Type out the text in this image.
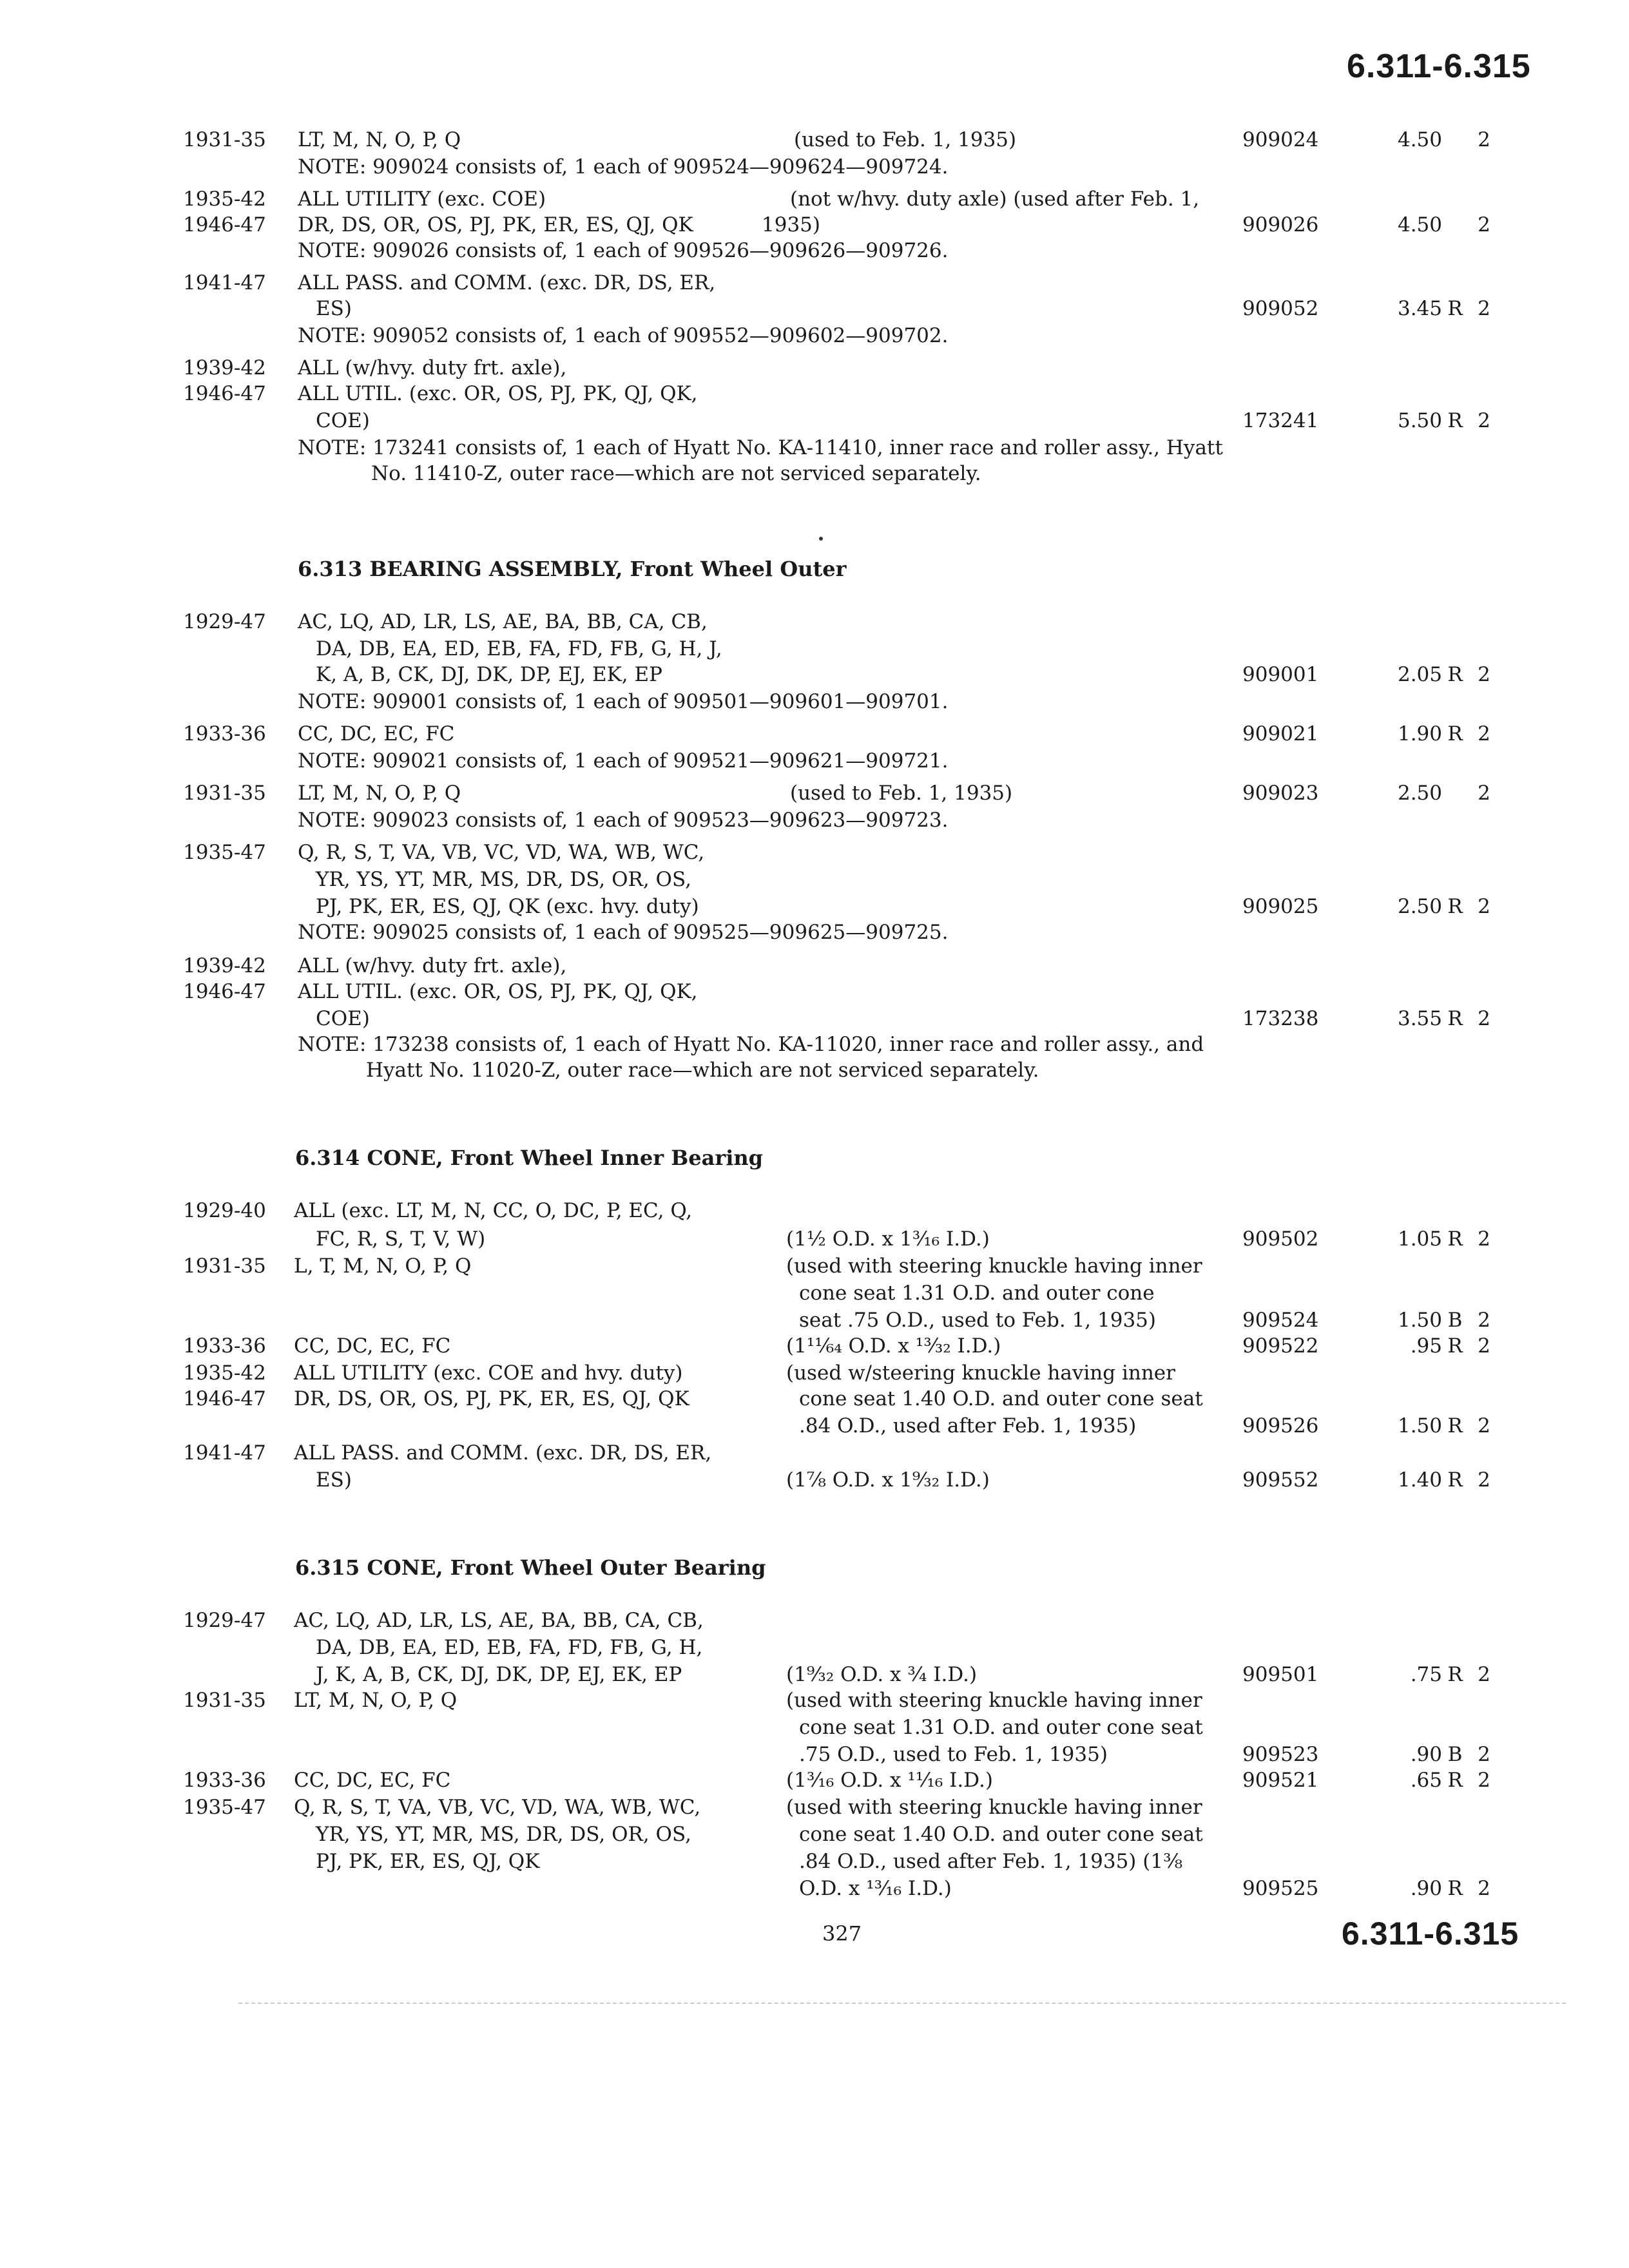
6.311-6.315
1931-35 LT, M, N, O, P, Q	(used to Feb. 1, 1935)	909024	4.50 2
NOTE: 909024 consists of, 1 each of 909524—909624—909724.
1935-42 ALL UTILITY (exc. COE)	(not w/hvy. duty axle) (used after Feb. 1,
1946-47 DR, DS, OR, OS, PJ, PK, ER, ES, QJ, QK	1935)	909026	4.50 2
NOTE: 909026 consists of, 1 each of 909526—909626—909726.
1941-47 ALL PASS. and COMM. (exc. DR, DS, ER,
ES)	909052	3.45 R 2
NOTE: 909052 consists of, 1 each of 909552—909602—909702.
1939-42 ALL (w/hvy. duty frt. axle),
1946-47 ALL UTIL. (exc. OR, OS, PJ, PK, QJ, QK,
COE)	173241	5.50 R 2
NOTE: 173241 consists of, 1 each of Hyatt No. KA-11410, inner race and roller assy., Hyatt
No. 11410-Z, outer race—which are not serviced separately.
6.313 BEARING ASSEMBLY, Front Wheel Outer
1929-47 AC, LQ, AD, LR, LS, AE, BA, BB, CA, CB,
DA, DB, EA, ED, EB, FA, FD, FB, G, H, J,
K, A, B, CK, DJ, DK, DP, EJ, EK, EP	909001	2.05 R 2
NOTE: 909001 consists of, 1 each of 909501—909601—909701.
1933-36 CC, DC, EC, FC	909021	1.90 R 2
NOTE: 909021 consists of, 1 each of 909521—909621—909721.
1931-35 LT, M, N, O, P, Q	(used to Feb. 1, 1935)	909023	2.50 2
NOTE: 909023 consists of, 1 each of 909523—909623—909723.
1935-47 Q, R, S, T, VA, VB, VC, VD, WA, WB, WC,
YR, YS, YT, MR, MS, DR, DS, OR, OS,
PJ, PK, ER, ES, QJ, QK (exc. hvy. duty)	909025	2.50 R 2
NOTE: 909025 consists of, 1 each of 909525—909625—909725.
1939-42 ALL (w/hvy. duty frt. axle),
1946-47 ALL UTIL. (exc. OR, OS, PJ, PK, QJ, QK,
COE)	173238	3.55 R 2
NOTE: 173238 consists of, 1 each of Hyatt No. KA-11020, inner race and roller assy., and
Hyatt No. 11020-Z, outer race—which are not serviced separately.
6.314 CONE, Front Wheel Inner Bearing
1929-40 ALL (exc. LT, M, N, CC, O, DC, P, EC, Q,
FC, R, S, T, V, W)	(1½ O.D. x 1³⁄₁₆ I.D.)	909502	1.05 R 2
1931-35 L, T, M, N, O, P, Q	(used with steering knuckle having inner
cone seat 1.31 O.D. and outer cone
seat .75 O.D., used to Feb. 1, 1935)	909524	1.50 B 2
1933-36 CC, DC, EC, FC	(1¹¹⁄₆₄ O.D. x ¹³⁄₃₂ I.D.)	909522	.95 R 2
1935-42 ALL UTILITY (exc. COE and hvy. duty)	(used w/steering knuckle having inner
1946-47 DR, DS, OR, OS, PJ, PK, ER, ES, QJ, QK	cone seat 1.40 O.D. and outer cone seat
.84 O.D., used after Feb. 1, 1935)	909526	1.50 R 2
1941-47 ALL PASS. and COMM. (exc. DR, DS, ER,
ES)	(1⅞ O.D. x 1⁹⁄₃₂ I.D.)	909552	1.40 R 2
6.315 CONE, Front Wheel Outer Bearing
1929-47 AC, LQ, AD, LR, LS, AE, BA, BB, CA, CB,
DA, DB, EA, ED, EB, FA, FD, FB, G, H,
J, K, A, B, CK, DJ, DK, DP, EJ, EK, EP	(1⁹⁄₃₂ O.D. x ¾ I.D.)	909501	.75 R 2
1931-35 LT, M, N, O, P, Q	(used with steering knuckle having inner
cone seat 1.31 O.D. and outer cone seat
.75 O.D., used to Feb. 1, 1935)	909523	.90 B 2
1933-36 CC, DC, EC, FC	(1³⁄₁₆ O.D. x ¹¹⁄₁₆ I.D.)	909521	.65 R 2
1935-47 Q, R, S, T, VA, VB, VC, VD, WA, WB, WC,	(used with steering knuckle having inner
YR, YS, YT, MR, MS, DR, DS, OR, OS,	cone seat 1.40 O.D. and outer cone seat
PJ, PK, ER, ES, QJ, QK	.84 O.D., used after Feb. 1, 1935) (1⅜
O.D. x ¹³⁄₁₆ I.D.)	909525	.90 R 2
327	6.311-6.315
